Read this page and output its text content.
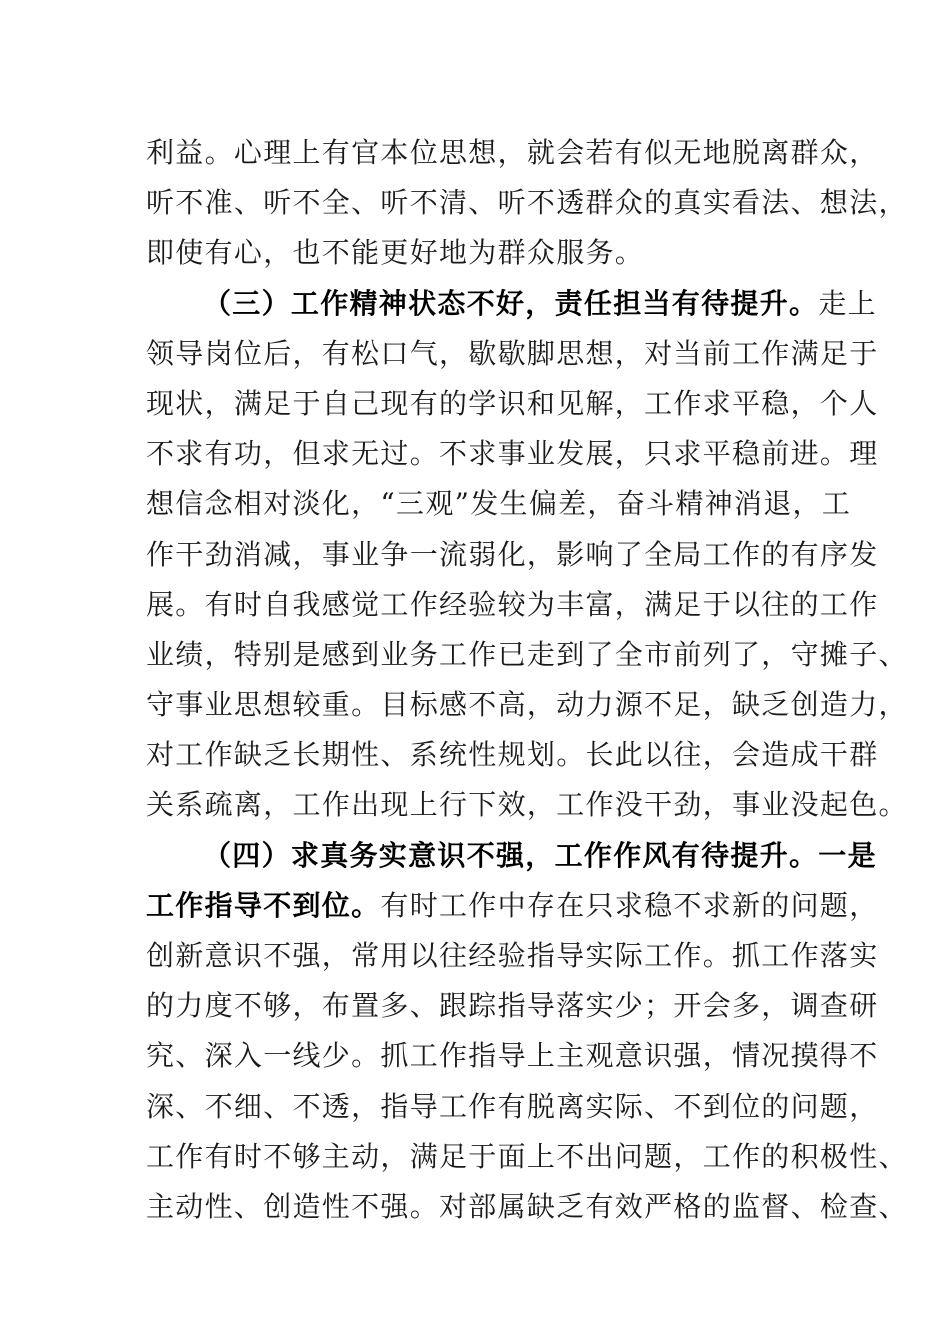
利益。心理上有官本位思想，就会若有似无地脱离群众，
听不准、听不全、听不清、听不透群众的真实看法、想法，
即使有心，也不能更好地为群众服务。
（三）工作精神状态不好，责任担当有待提升。走上
领导岗位后，有松口气，歇歇脚思想，对当前工作满足于
现状，满足于自己现有的学识和见解，工作求平稳，个人
不求有功，但求无过。不求事业发展，只求平稳前进。理
想信念相对淡化，“三观”发生偏差，奋斗精神消退，工
作干劲消减，事业争一流弱化，影响了全局工作的有序发
展。有时自我感觉工作经验较为丰富，满足于以往的工作
业绩，特别是感到业务工作已走到了全市前列了，守摊子、
守事业思想较重。目标感不高，动力源不足，缺乏创造力，
对工作缺乏长期性、系统性规划。长此以往，会造成干群
关系疏离，工作出现上行下效，工作没干劲，事业没起色。
（四）求真务实意识不强，工作作风有待提升。一是
工作指导不到位。有时工作中存在只求稳不求新的问题，
创新意识不强，常用以往经验指导实际工作。抓工作落实
的力度不够，布置多、跟踪指导落实少；开会多，调查研
究、深入一线少。抓工作指导上主观意识强，情况摸得不
深、不细、不透，指导工作有脱离实际、不到位的问题，
工作有时不够主动，满足于面上不出问题，工作的积极性、
主动性、创造性不强。对部属缺乏有效严格的监督、检查、
